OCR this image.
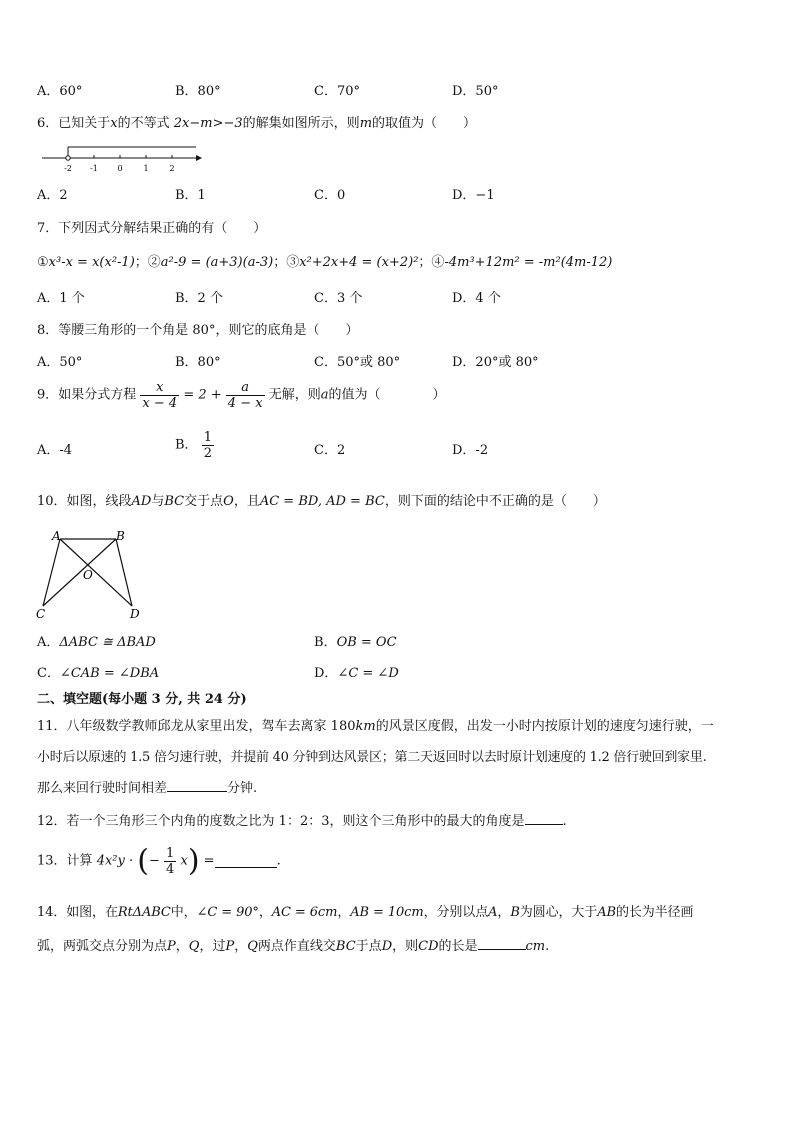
A．60°	B．80°	C．70°	D．50°
6．已知关于x的不等式 2x−m>−3的解集如图所示，则m的取值为（　　）
-2 -1 0	1	2
A．2	B．1	C．0	D．−1
7．下列因式分解结果正确的有（　　）
①x³-x = x(x²-1)；②a²-9 = (a+3)(a-3)；③x²+2x+4 = (x+2)²；④-4m³+12m² = -m²(4m-12)
A．1 个	B．2 个	C．3 个	D．4 个
8．等腰三角形的一个角是 80°，则它的底角是（　　）
A．50°	B．80°	C．50°或 80°	D．20°或 80°
9．如果分式方程 $\frac{x}{x - 4} = 2 + \frac{a}{4 - x}$ 无解，则a的值为（　　　　）
A．-4	B． $\frac{1}{2}$	C．2	D．-2
10．如图，线段AD与BC交于点O，且AC = BD, AD = BC，则下面的结论中不正确的是（　　）
A	B
C	D
O
A．ΔABC ≅ ΔBAD	B．OB = OC
C．∠CAB = ∠DBA	D．∠C = ∠D
二、填空题(每小题 3 分, 共 24 分)
11．八年级数学教师邱龙从家里出发，驾车去离家 180km的风景区度假，出发一小时内按原计划的速度匀速行驶，一
小时后以原速的 1.5 倍匀速行驶，并提前 40 分钟到达风景区；第二天返回时以去时原计划速度的 1.2 倍行驶回到家里.
那么来回行驶时间相差	分钟.
12．若一个三角形三个内角的度数之比为 1：2：3，则这个三角形中的最大的角度是	.
13．计算 4x²y · (− $\frac{1}{4} x$) =	.
14．如图，在RtΔABC中，∠C = 90°，AC = 6cm，AB = 10cm，分别以点A，B为圆心，大于AB的长为半径画
弧，两弧交点分别为点P，Q，过P，Q两点作直线交BC于点D，则CD的长是	cm.
